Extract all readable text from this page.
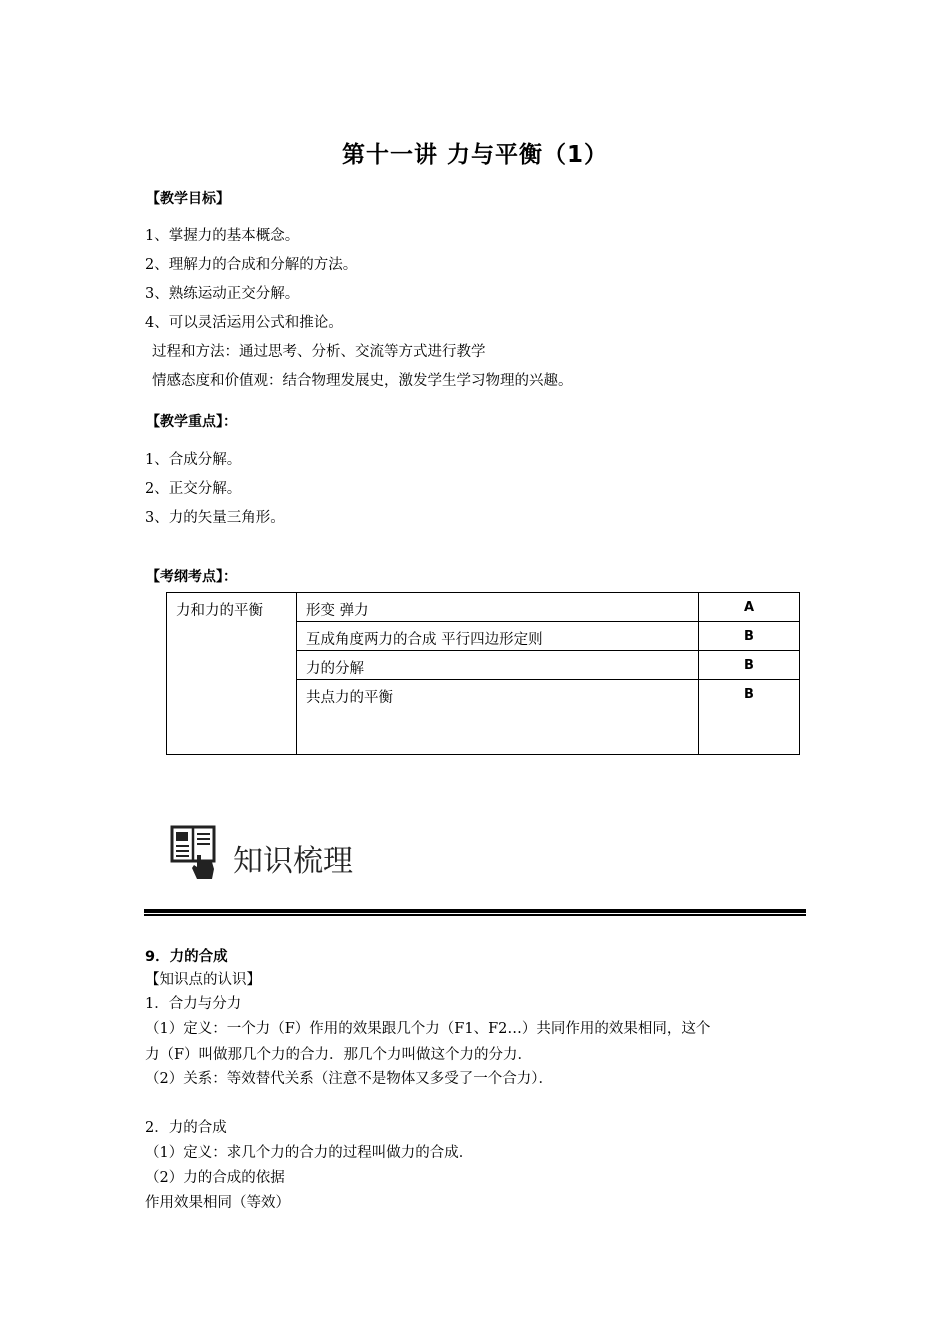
第十一讲 力与平衡（1）
【教学目标】
1、掌握力的基本概念。
2、理解力的合成和分解的方法。
3、熟练运动正交分解。
4、可以灵活运用公式和推论。
过程和方法：通过思考、分析、交流等方式进行教学
情感态度和价值观：结合物理发展史，激发学生学习物理的兴趣。
【教学重点】：
1、合成分解。
2、正交分解。
3、力的矢量三角形。
【考纲考点】：
力和力的平衡	形变 弹力	A
	互成角度两力的合成 平行四边形定则	B
	力的分解	B
	共点力的平衡	B
知识梳理
9．力的合成
【知识点的认识】
1．合力与分力
（1）定义：一个力（F）作用的效果跟几个力（F1、F2…）共同作用的效果相同，这个
力（F）叫做那几个力的合力．那几个力叫做这个力的分力．
（2）关系：等效替代关系（注意不是物体又多受了一个合力）．
2．力的合成
（1）定义：求几个力的合力的过程叫做力的合成．
（2）力的合成的依据
作用效果相同（等效）
